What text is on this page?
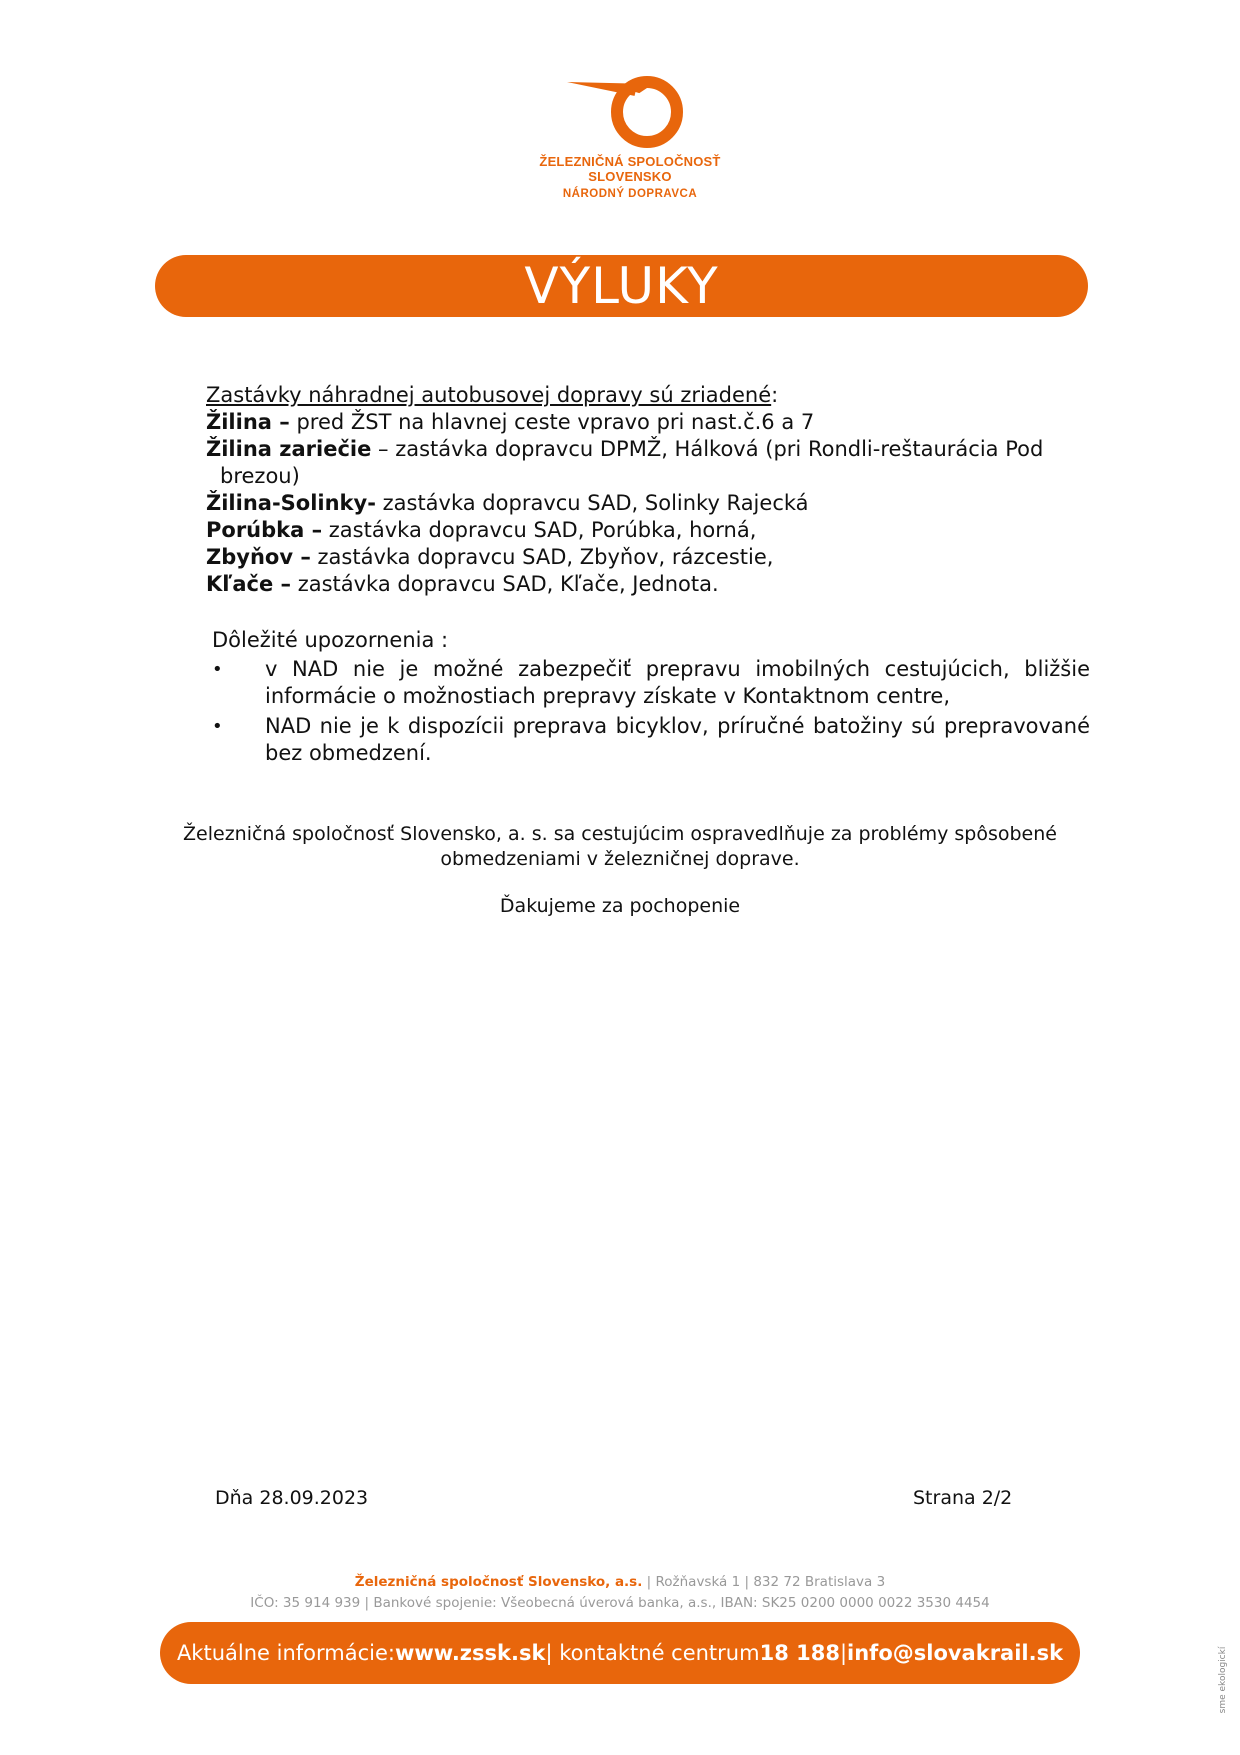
ŽELEZNIČNÁ SPOLOČNOSŤ SLOVENSKO
NÁRODNÝ DOPRAVCA
VÝLUKY
Zastávky náhradnej autobusovej dopravy sú zriadené:
Žilina – pred ŽST na hlavnej ceste vpravo pri nast.č.6 a 7
Žilina zariečie – zastávka dopravcu DPMŽ, Hálková (pri Rondli-reštaurácia Pod
brezou)
Žilina-Solinky- zastávka dopravcu SAD, Solinky Rajecká
Porúbka – zastávka dopravcu SAD, Porúbka, horná,
Zbyňov – zastávka dopravcu SAD, Zbyňov, rázcestie,
Kľače – zastávka dopravcu SAD, Kľače, Jednota.
Dôležité upozornenia :
•	v NAD nie je možné zabezpečiť prepravu imobilných cestujúcich, bližšie informácie o možnostiach prepravy získate v Kontaktnom centre,
•	NAD nie je k dispozícii preprava bicyklov, príručné batožiny sú prepravované bez obmedzení.
Železničná spoločnosť Slovensko, a. s. sa cestujúcim ospravedlňuje za problémy spôsobené
obmedzeniami v železničnej doprave.
Ďakujeme za pochopenie
Dňa 28.09.2023	Strana 2/2
Železničná spoločnosť Slovensko, a.s. | Rožňavská 1 | 832 72 Bratislava 3
IČO: 35 914 939 | Bankové spojenie: Všeobecná úverová banka, a.s., IBAN: SK25 0200 0000 0022 3530 4454
Aktuálne informácie: www.zssk.sk | kontaktné centrum 18 188 | info@slovakrail.sk	sme ekologickí
